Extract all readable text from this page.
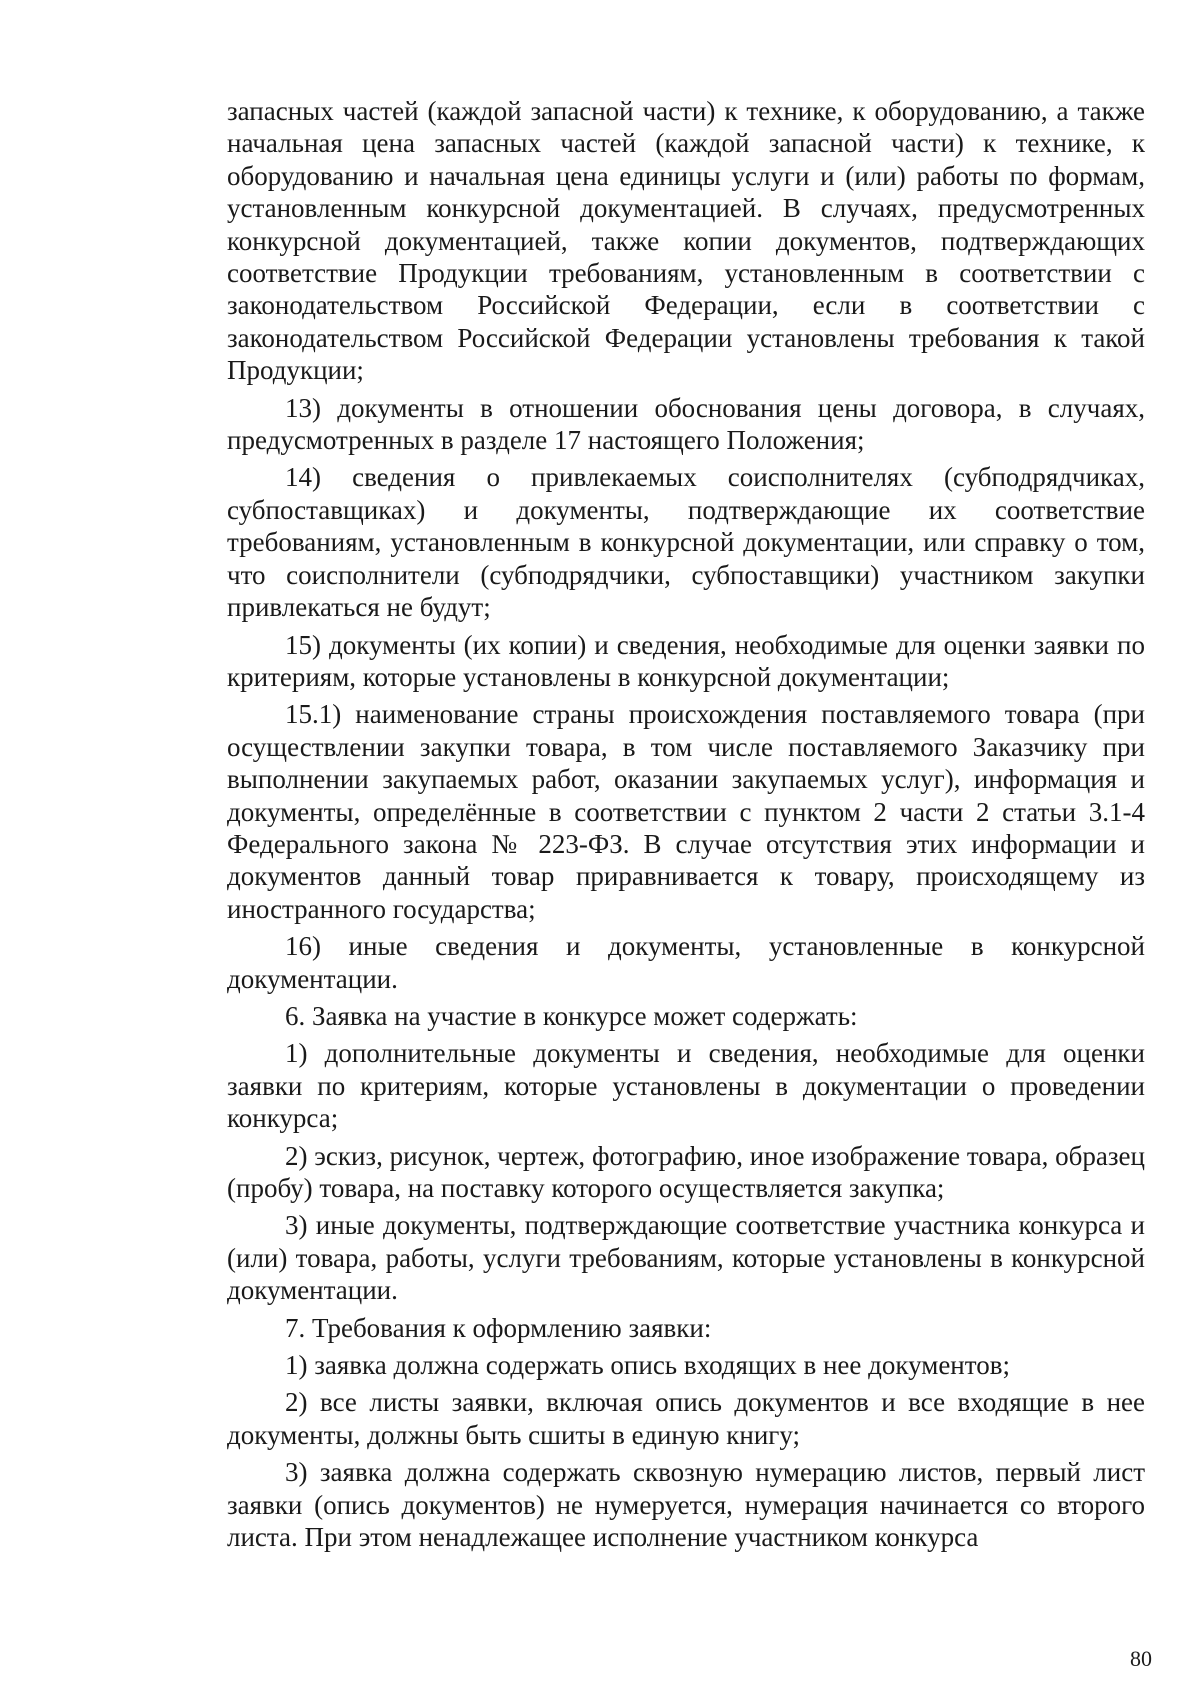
запасных частей (каждой запасной части) к технике, к оборудованию, а также начальная цена запасных частей (каждой запасной части) к технике, к оборудованию и начальная цена единицы услуги и (или) работы по формам, установленным конкурсной документацией. В случаях, предусмотренных конкурсной документацией, также копии документов, подтверждающих соответствие Продукции требованиям, установленным в соответствии с законодательством Российской Федерации, если в соответствии с законодательством Российской Федерации установлены требования к такой Продукции;

13) документы в отношении обоснования цены договора, в случаях, предусмотренных в разделе 17 настоящего Положения;

14) сведения о привлекаемых соисполнителях (субподрядчиках, субпоставщиках) и документы, подтверждающие их соответствие требованиям, установленным в конкурсной документации, или справку о том, что соисполнители (субподрядчики, субпоставщики) участником закупки привлекаться не будут;

15) документы (их копии) и сведения, необходимые для оценки заявки по критериям, которые установлены в конкурсной документации;

15.1) наименование страны происхождения поставляемого товара (при осуществлении закупки товара, в том числе поставляемого Заказчику при выполнении закупаемых работ, оказании закупаемых услуг), информация и документы, определённые в соответствии с пунктом 2 части 2 статьи 3.1-4 Федерального закона № 223-ФЗ. В случае отсутствия этих информации и документов данный товар приравнивается к товару, происходящему из иностранного государства;

16) иные сведения и документы, установленные в конкурсной документации.

6. Заявка на участие в конкурсе может содержать:

1) дополнительные документы и сведения, необходимые для оценки заявки по критериям, которые установлены в документации о проведении конкурса;

2) эскиз, рисунок, чертеж, фотографию, иное изображение товара, образец (пробу) товара, на поставку которого осуществляется закупка;

3) иные документы, подтверждающие соответствие участника конкурса и (или) товара, работы, услуги требованиям, которые установлены в конкурсной документации.

7. Требования к оформлению заявки:

1) заявка должна содержать опись входящих в нее документов;

2) все листы заявки, включая опись документов и все входящие в нее документы, должны быть сшиты в единую книгу;

3) заявка должна содержать сквозную нумерацию листов, первый лист заявки (опись документов) не нумеруется, нумерация начинается со второго листа. При этом ненадлежащее исполнение участником конкурса

80
